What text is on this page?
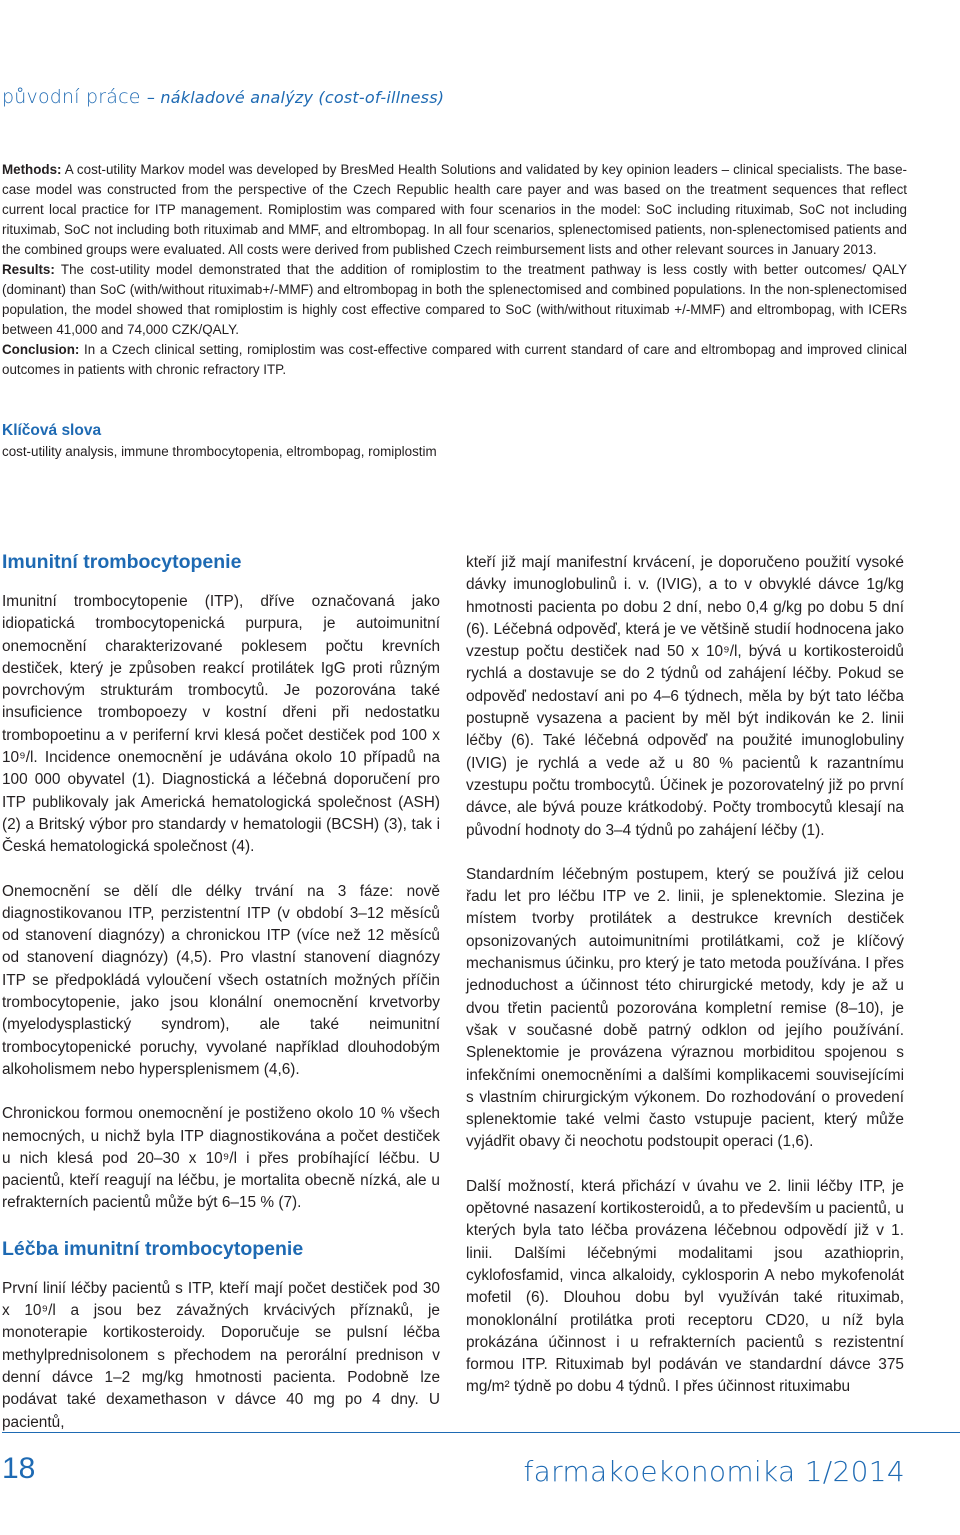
původní práce – nákladové analýzy (cost-of-illness)

Methods: A cost-utility Markov model was developed by BresMed Health Solutions and validated by key opinion leaders – clinical specialists. The base-case model was constructed from the perspective of the Czech Republic health care payer and was based on the treatment sequences that reflect current local practice for ITP management. Romiplostim was compared with four scenarios in the model: SoC including rituximab, SoC not including rituximab, SoC not including both rituximab and MMF, and eltrombopag. In all four scenarios, splenectomised patients, non-splenectomised patients and the combined groups were evaluated. All costs were derived from published Czech reimbursement lists and other relevant sources in January 2013.

Results: The cost-utility model demonstrated that the addition of romiplostim to the treatment pathway is less costly with better outcomes/ QALY (dominant) than SoC (with/without rituximab+/-MMF) and eltrombopag in both the splenectomised and combined populations. In the non-splenectomised population, the model showed that romiplostim is highly cost effective compared to SoC (with/without rituximab +/-MMF) and eltrombopag, with ICERs between 41,000 and 74,000 CZK/QALY.

Conclusion: In a Czech clinical setting, romiplostim was cost-effective compared with current standard of care and eltrombopag and improved clinical outcomes in patients with chronic refractory ITP.

Klíčová slova
cost-utility analysis, immune thrombocytopenia, eltrombopag, romiplostim
Imunitní trombocytopenie

Imunitní trombocytopenie (ITP), dříve označovaná jako idiopatická trombocytopenická purpura, je autoimunitní onemocnění charakterizované poklesem počtu krevních destiček, který je způsoben reakcí protilátek IgG proti různým povrchovým strukturám trombocytů. Je pozorována také insuficience trombopoezy v kostní dřeni při nedostatku trombopoetinu a v periferní krvi klesá počet destiček pod 100 x 10⁹/l. Incidence onemocnění je udávána okolo 10 případů na 100 000 obyvatel (1). Diagnostická a léčebná doporučení pro ITP publikovaly jak Americká hematologická společnost (ASH) (2) a Britský výbor pro standardy v hematologii (BCSH) (3), tak i Česká hematologická společnost (4).

Onemocnění se dělí dle délky trvání na 3 fáze: nově diagnostikovanou ITP, perzistentní ITP (v období 3–12 měsíců od stanovení diagnózy) a chronickou ITP (více než 12 měsíců od stanovení diagnózy) (4,5). Pro vlastní stanovení diagnózy ITP se předpokládá vyloučení všech ostatních možných příčin trombocytopenie, jako jsou klonální onemocnění krvetvorby (myelodysplastický syndrom), ale také neimunitní trombocytopenické poruchy, vyvolané například dlouhodobým alkoholismem nebo hypersplenismem (4,6).

Chronickou formou onemocnění je postiženo okolo 10 % všech nemocných, u nichž byla ITP diagnostikována a počet destiček u nich klesá pod 20–30 x 10⁹/l i přes probíhající léčbu. U pacientů, kteří reagují na léčbu, je mortalita obecně nízká, ale u refrakterních pacientů může být 6–15 % (7).

Léčba imunitní trombocytopenie

První linií léčby pacientů s ITP, kteří mají počet destiček pod 30 x 10⁹/l a jsou bez závažných krvácivých příznaků, je monoterapie kortikosteroidy. Doporučuje se pulsní léčba methylprednisolonem s přechodem na perorální prednison v denní dávce 1–2 mg/kg hmotnosti pacienta. Podobně lze podávat také dexamethason v dávce 40 mg po 4 dny. U pacientů,

kteří již mají manifestní krvácení, je doporučeno použití vysoké dávky imunoglobulinů i. v. (IVIG), a to v obvyklé dávce 1g/kg hmotnosti pacienta po dobu 2 dní, nebo 0,4 g/kg po dobu 5 dní (6). Léčebná odpověď, která je ve většině studií hodnocena jako vzestup počtu destiček nad 50 x 10⁹/l, bývá u kortikosteroidů rychlá a dostavuje se do 2 týdnů od zahájení léčby. Pokud se odpověď nedostaví ani po 4–6 týdnech, měla by být tato léčba postupně vysazena a pacient by měl být indikován ke 2. linii léčby (6). Také léčebná odpověď na použité imunoglobuliny (IVIG) je rychlá a vede až u 80 % pacientů k razantnímu vzestupu počtu trombocytů. Účinek je pozorovatelný již po první dávce, ale bývá pouze krátkodobý. Počty trombocytů klesají na původní hodnoty do 3–4 týdnů po zahájení léčby (1).

Standardním léčebným postupem, který se používá již celou řadu let pro léčbu ITP ve 2. linii, je splenektomie. Slezina je místem tvorby protilátek a destrukce krevních destiček opsonizovaných autoimunitními protilátkami, což je klíčový mechanismus účinku, pro který je tato metoda používána. I přes jednoduchost a účinnost této chirurgické metody, kdy je až u dvou třetin pacientů pozorována kompletní remise (8–10), je však v současné době patrný odklon od jejího používání. Splenektomie je provázena výraznou morbiditou spojenou s infekčními onemocněními a dalšími komplikacemi souvisejícími s vlastním chirurgickým výkonem. Do rozhodování o provedení splenektomie také velmi často vstupuje pacient, který může vyjádřit obavy či neochotu podstoupit operaci (1,6).

Další možností, která přichází v úvahu ve 2. linii léčby ITP, je opětovné nasazení kortikosteroidů, a to především u pacientů, u kterých byla tato léčba provázena léčebnou odpovědí již v 1. linii. Dalšími léčebnými modalitami jsou azathioprin, cyklofosfamid, vinca alkaloidy, cyklosporin A nebo mykofenolát mofetil (6). Dlouhou dobu byl využíván také rituximab, monoklonální protilátka proti receptoru CD20, u níž byla prokázána účinnost i u refrakterních pacientů s rezistentní formou ITP. Rituximab byl podáván ve standardní dávce 375 mg/m² týdně po dobu 4 týdnů. I přes účinnost rituximabu

18	farmakoekonomika 1/2014
